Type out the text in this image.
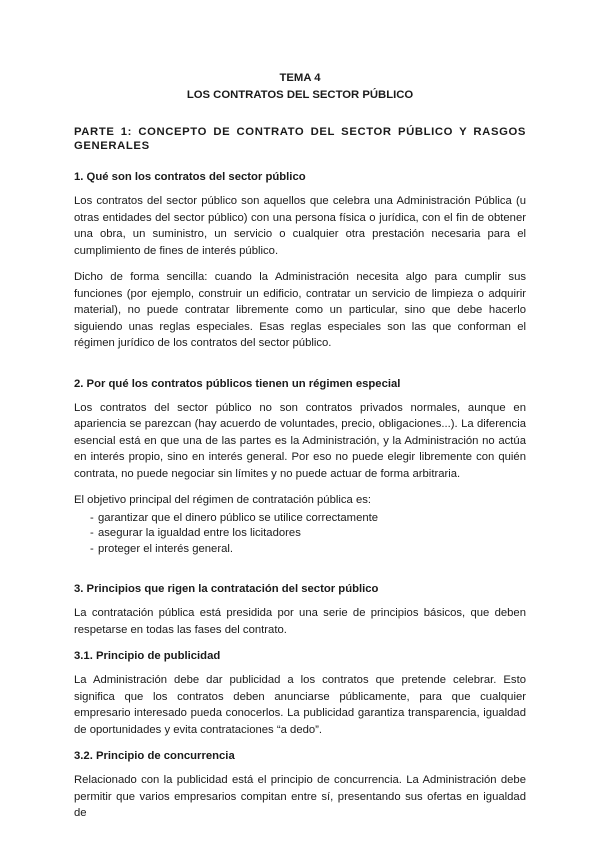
TEMA 4
LOS CONTRATOS DEL SECTOR PÚBLICO
PARTE 1: CONCEPTO DE CONTRATO DEL SECTOR PÚBLICO Y RASGOS GENERALES
1. Qué son los contratos del sector público

Los contratos del sector público son aquellos que celebra una Administración Pública (u otras entidades del sector público) con una persona física o jurídica, con el fin de obtener una obra, un suministro, un servicio o cualquier otra prestación necesaria para el cumplimiento de fines de interés público.

Dicho de forma sencilla: cuando la Administración necesita algo para cumplir sus funciones (por ejemplo, construir un edificio, contratar un servicio de limpieza o adquirir material), no puede contratar libremente como un particular, sino que debe hacerlo siguiendo unas reglas especiales. Esas reglas especiales son las que conforman el régimen jurídico de los contratos del sector público.

2. Por qué los contratos públicos tienen un régimen especial

Los contratos del sector público no son contratos privados normales, aunque en apariencia se parezcan (hay acuerdo de voluntades, precio, obligaciones...). La diferencia esencial está en que una de las partes es la Administración, y la Administración no actúa en interés propio, sino en interés general. Por eso no puede elegir libremente con quién contrata, no puede negociar sin límites y no puede actuar de forma arbitraria.

El objetivo principal del régimen de contratación pública es:

- garantizar que el dinero público se utilice correctamente
- asegurar la igualdad entre los licitadores
- proteger el interés general.
3. Principios que rigen la contratación del sector público

La contratación pública está presidida por una serie de principios básicos, que deben respetarse en todas las fases del contrato.

3.1. Principio de publicidad

La Administración debe dar publicidad a los contratos que pretende celebrar. Esto significa que los contratos deben anunciarse públicamente, para que cualquier empresario interesado pueda conocerlos. La publicidad garantiza transparencia, igualdad de oportunidades y evita contrataciones “a dedo”.

3.2. Principio de concurrencia

Relacionado con la publicidad está el principio de concurrencia. La Administración debe permitir que varios empresarios compitan entre sí, presentando sus ofertas en igualdad de
